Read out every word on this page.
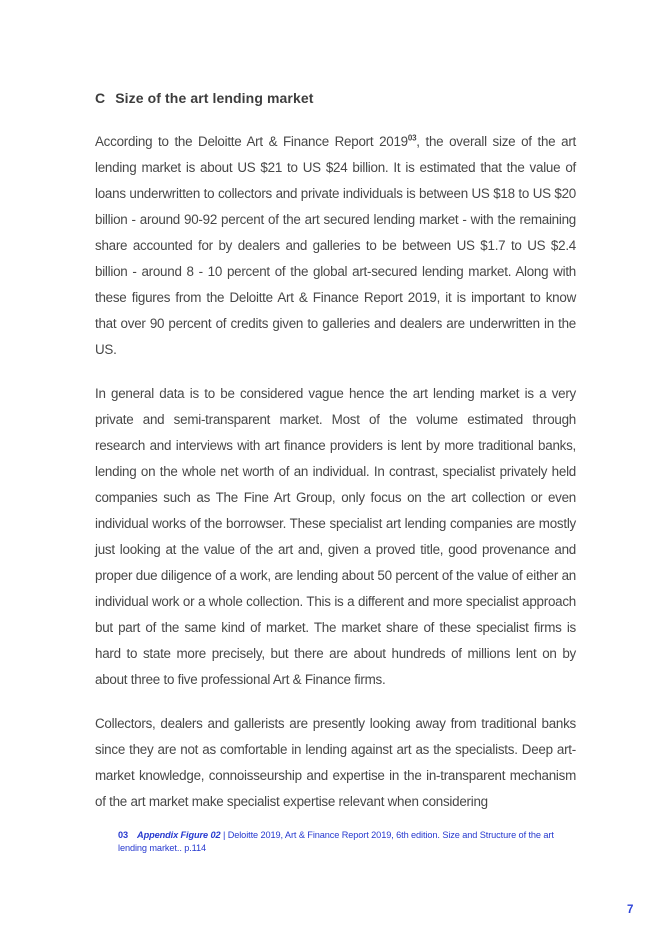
C Size of the art lending market

According to the Deloitte Art & Finance Report 2019$^{03}$, the overall size of the art lending market is about US $21 to US $24 billion. It is estimated that the value of loans underwritten to collectors and private individuals is between US $18 to US $20 billion - around 90-92 percent of the art secured lending market - with the remaining share accounted for by dealers and galleries to be between US $1.7 to US $2.4 billion - around 8 - 10 percent of the global art-secured lending market. Along with these figures from the Deloitte Art & Finance Report 2019, it is important to know that over 90 percent of credits given to galleries and dealers are underwritten in the US.

In general data is to be considered vague hence the art lending market is a very private and semi-transparent market. Most of the volume estimated through research and interviews with art finance providers is lent by more traditional banks, lending on the whole net worth of an individual. In contrast, specialist privately held companies such as The Fine Art Group, only focus on the art collection or even individual works of the borrowser. These specialist art lending companies are mostly just looking at the value of the art and, given a proved title, good provenance and proper due diligence of a work, are lending about 50 percent of the value of either an individual work or a whole collection. This is a different and more specialist approach but part of the same kind of market. The market share of these specialist firms is hard to state more precisely, but there are about hundreds of millions lent on by about three to five professional Art & Finance firms.

Collectors, dealers and gallerists are presently looking away from traditional banks since they are not as comfortable in lending against art as the specialists. Deep art-market knowledge, connoisseurship and expertise in the in-transparent mechanism of the art market make specialist expertise relevant when considering

03 Appendix Figure 02 | Deloitte 2019, Art & Finance Report 2019, 6th edition. Size and Structure of the art lending market.. p.114
7
